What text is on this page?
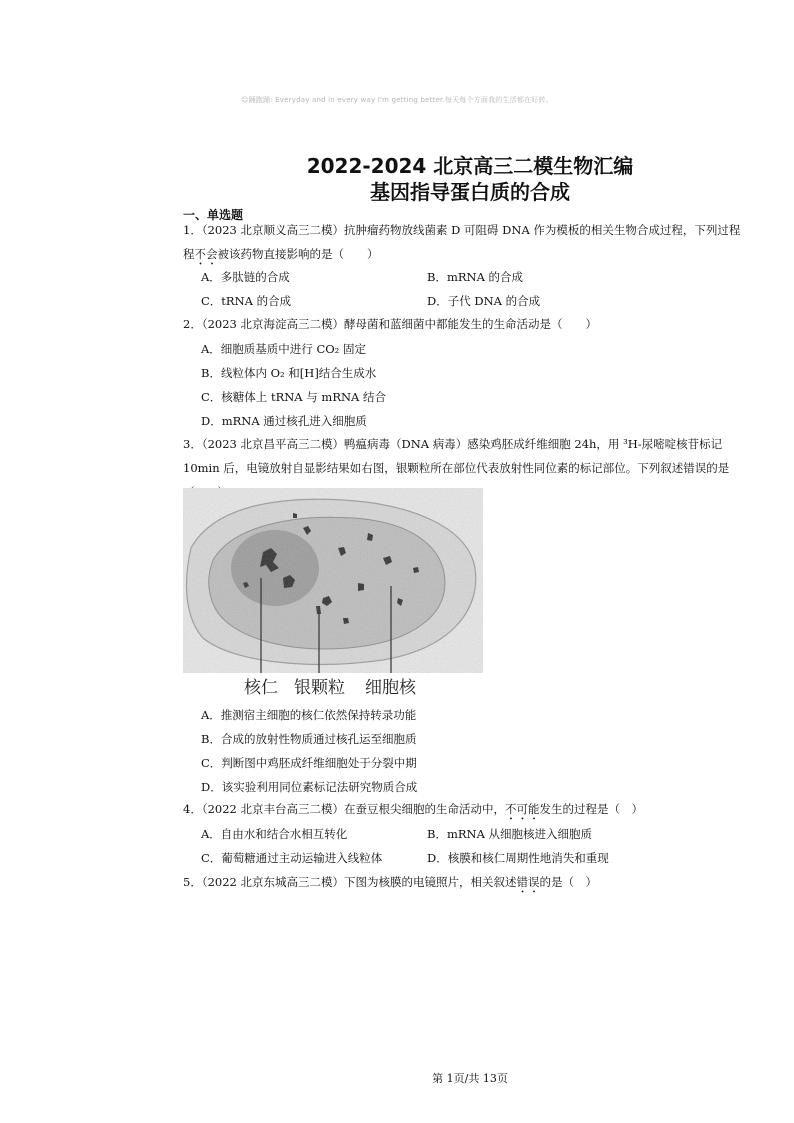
☺踊跑踊: Everyday and in every way I'm getting better.每天每个方面我的生活都在好转。
2022-2024 北京高三二模生物汇编
基因指导蛋白质的合成
一、单选题
1．（2023 北京顺义高三二模）抗肿瘤药物放线菌素 D 可阻碍 DNA 作为模板的相关生物合成过程，下列过程
程不会被该药物直接影响的是（　　）
A．多肽链的合成	B．mRNA 的合成
C．tRNA 的合成	D．子代 DNA 的合成
2．（2023 北京海淀高三二模）酵母菌和蓝细菌中都能发生的生命活动是（　　）
A．细胞质基质中进行 CO₂ 固定
B．线粒体内 O₂ 和[H]结合生成水
C．核糖体上 tRNA 与 mRNA 结合
D．mRNA 通过核孔进入细胞质
3．（2023 北京昌平高三二模）鸭瘟病毒（DNA 病毒）感染鸡胚成纤维细胞 24h，用 ³H-尿嘧啶核苷标记 10min 后，电镜放射自显影结果如右图，银颗粒所在部位代表放射性同位素的标记部位。下列叙述错误的是　　
核仁 银颗粒 细胞核
A．推测宿主细胞的核仁依然保持转录功能
B．合成的放射性物质通过核孔运至细胞质
C．判断图中鸡胚成纤维细胞处于分裂中期
D．该实验利用同位素标记法研究物质合成
4．（2022 北京丰台高三二模）在蚕豆根尖细胞的生命活动中，不可能发生的过程是（　）
A．自由水和结合水相互转化	B．mRNA 从细胞核进入细胞质
C．葡萄糖通过主动运输进入线粒体	D．核膜和核仁周期性地消失和重现
5．（2022 北京东城高三二模）下图为核膜的电镜照片，相关叙述错误的是（　）
第 1页/共 13页
